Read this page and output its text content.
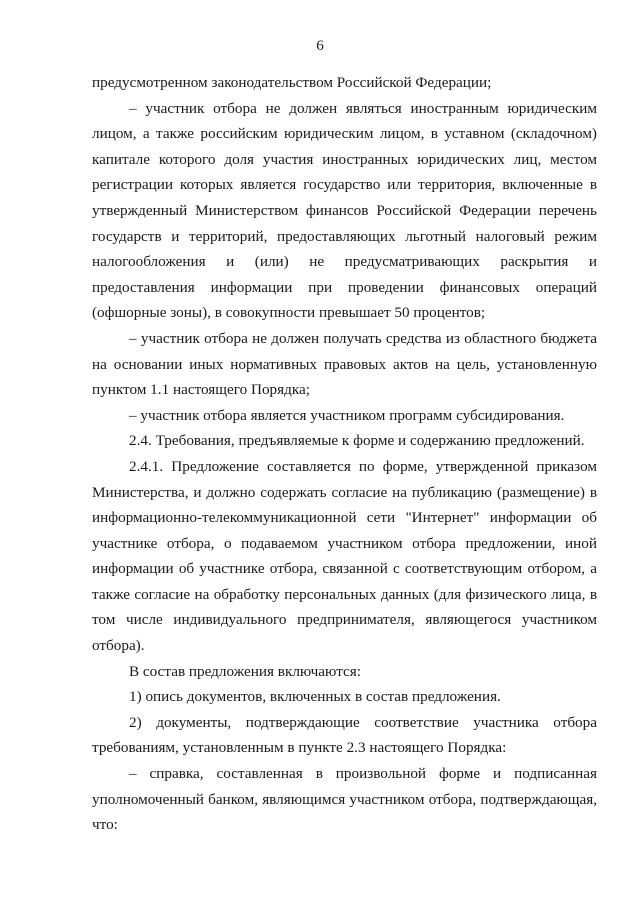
6

предусмотренном законодательством Российской Федерации;

– участник отбора не должен являться иностранным юридическим лицом, а также российским юридическим лицом, в уставном (складочном) капитале которого доля участия иностранных юридических лиц, местом регистрации которых является государство или территория, включенные в утвержденный Министерством финансов Российской Федерации перечень государств и территорий, предоставляющих льготный налоговый режим налогообложения и (или) не предусматривающих раскрытия и предоставления информации при проведении финансовых операций (офшорные зоны), в совокупности превышает 50 процентов;

– участник отбора не должен получать средства из областного бюджета на основании иных нормативных правовых актов на цель, установленную пунктом 1.1 настоящего Порядка;

– участник отбора является участником программ субсидирования.

2.4. Требования, предъявляемые к форме и содержанию предложений.

2.4.1. Предложение составляется по форме, утвержденной приказом Министерства, и должно содержать согласие на публикацию (размещение) в информационно-телекоммуникационной сети "Интернет" информации об участнике отбора, о подаваемом участником отбора предложении, иной информации об участнике отбора, связанной с соответствующим отбором, а также согласие на обработку персональных данных (для физического лица, в том числе индивидуального предпринимателя, являющегося участником отбора).

В состав предложения включаются:

1) опись документов, включенных в состав предложения.

2) документы, подтверждающие соответствие участника отбора требованиям, установленным в пункте 2.3 настоящего Порядка:

– справка, составленная в произвольной форме и подписанная уполномоченный банком, являющимся участником отбора, подтверждающая, что:
